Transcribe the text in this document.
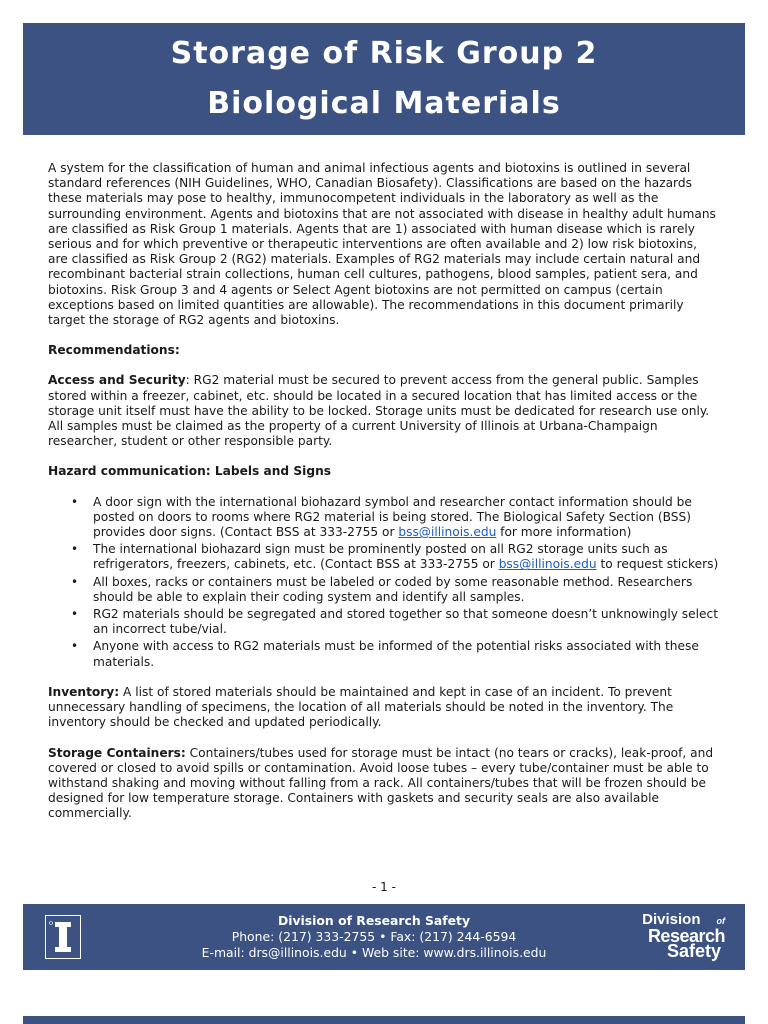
Storage of Risk Group 2
Biological Materials

A system for the classification of human and animal infectious agents and biotoxins is outlined in several standard references (NIH Guidelines, WHO, Canadian Biosafety). Classifications are based on the hazards these materials may pose to healthy, immunocompetent individuals in the laboratory as well as the surrounding environment. Agents and biotoxins that are not associated with disease in healthy adult humans are classified as Risk Group 1 materials. Agents that are 1) associated with human disease which is rarely serious and for which preventive or therapeutic interventions are often available and 2) low risk biotoxins, are classified as Risk Group 2 (RG2) materials. Examples of RG2 materials may include certain natural and recombinant bacterial strain collections, human cell cultures, pathogens, blood samples, patient sera, and biotoxins. Risk Group 3 and 4 agents or Select Agent biotoxins are not permitted on campus (certain exceptions based on limited quantities are allowable). The recommendations in this document primarily target the storage of RG2 agents and biotoxins.

Recommendations:

Access and Security: RG2 material must be secured to prevent access from the general public. Samples stored within a freezer, cabinet, etc. should be located in a secured location that has limited access or the storage unit itself must have the ability to be locked. Storage units must be dedicated for research use only. All samples must be claimed as the property of a current University of Illinois at Urbana-Champaign researcher, student or other responsible party.

Hazard communication: Labels and Signs
• A door sign with the international biohazard symbol and researcher contact information should be posted on doors to rooms where RG2 material is being stored. The Biological Safety Section (BSS) provides door signs. (Contact BSS at 333-2755 or bss@illinois.edu for more information)
• The international biohazard sign must be prominently posted on all RG2 storage units such as refrigerators, freezers, cabinets, etc. (Contact BSS at 333-2755 or bss@illinois.edu to request stickers)
• All boxes, racks or containers must be labeled or coded by some reasonable method. Researchers should be able to explain their coding system and identify all samples.
• RG2 materials should be segregated and stored together so that someone doesn’t unknowingly select an incorrect tube/vial.
• Anyone with access to RG2 materials must be informed of the potential risks associated with these materials.

Inventory: A list of stored materials should be maintained and kept in case of an incident. To prevent unnecessary handling of specimens, the location of all materials should be noted in the inventory. The inventory should be checked and updated periodically.

Storage Containers: Containers/tubes used for storage must be intact (no tears or cracks), leak-proof, and covered or closed to avoid spills or contamination. Avoid loose tubes – every tube/container must be able to withstand shaking and moving without falling from a rack. All containers/tubes that will be frozen should be designed for low temperature storage. Containers with gaskets and security seals are also available commercially.

- 1 -
Division of Research Safety
Phone: (217) 333-2755 • Fax: (217) 244-6594
E-mail: drs@illinois.edu • Web site: www.drs.illinois.edu
Division of
Research
Safety
